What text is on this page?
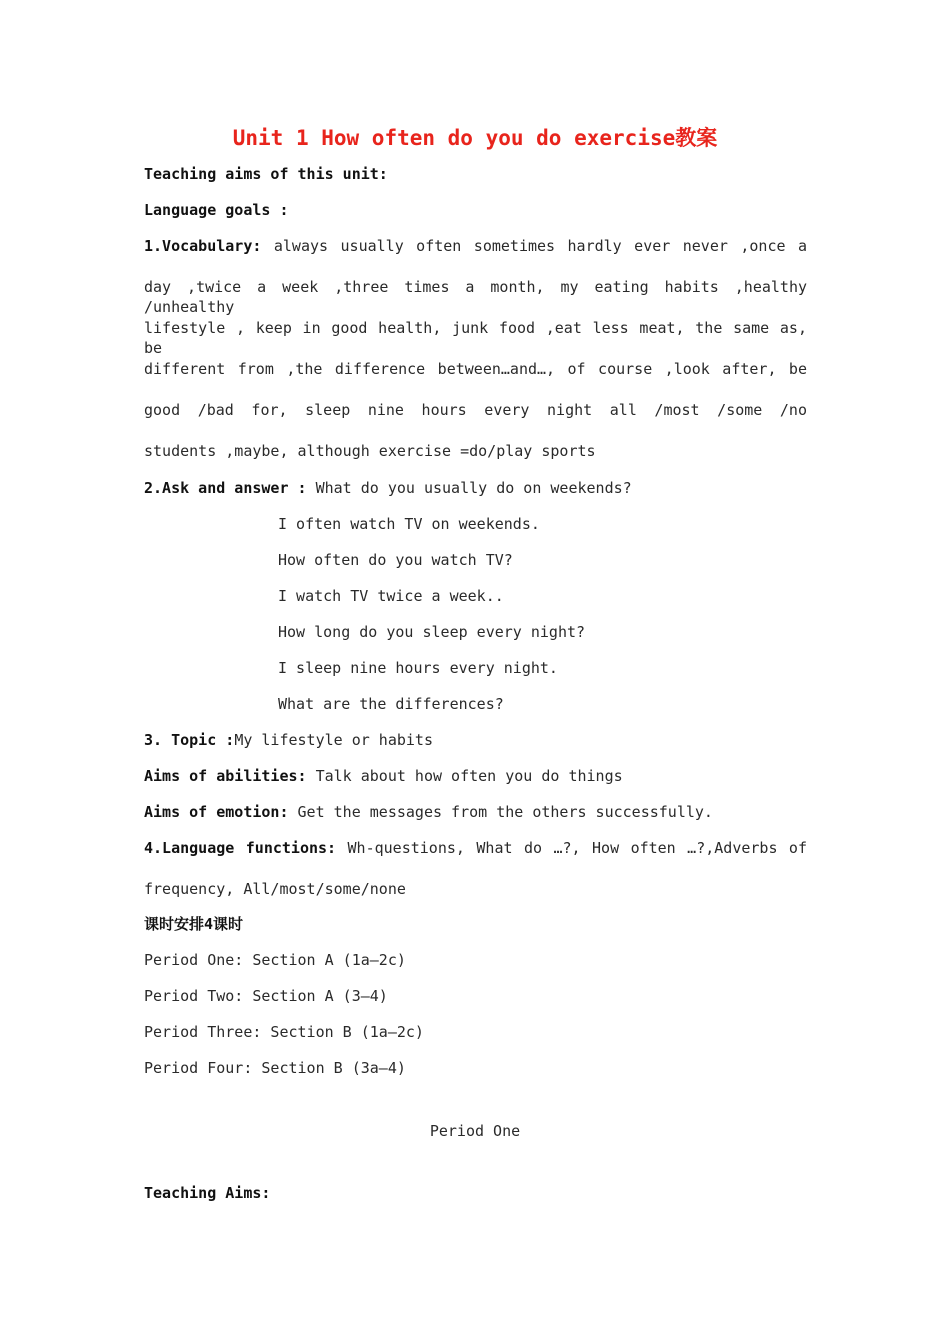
Unit 1 How often do you do exercise教案
Teaching aims of this unit:
Language goals :
1.Vocabulary: always usually often sometimes hardly ever never ,once a
day ,twice a week ,three times a month, my eating habits ,healthy /unhealthy
lifestyle , keep in good health, junk food ,eat less meat, the same as, be
different from ,the difference between…and…, of course ,look after, be
good /bad for, sleep nine hours every night all /most /some /no
students ,maybe, although exercise =do/play sports
2.Ask and answer : What do you usually do on weekends?
I often watch TV on weekends.
How often do you watch TV?
I watch TV twice a week..
How long do you sleep every night?
I sleep nine hours every night.
What are the differences?
3. Topic :My lifestyle or habits
Aims of abilities: Talk about how often you do things
Aims of emotion: Get the messages from the others successfully.
4.Language functions: Wh-questions, What do …?, How often …?,Adverbs of
frequency, All/most/some/none
课时安排4课时
Period One: Section A (1a—2c)
Period Two: Section A (3—4)
Period Three: Section B (1a—2c)
Period Four: Section B (3a—4)
Period One
Teaching Aims:
